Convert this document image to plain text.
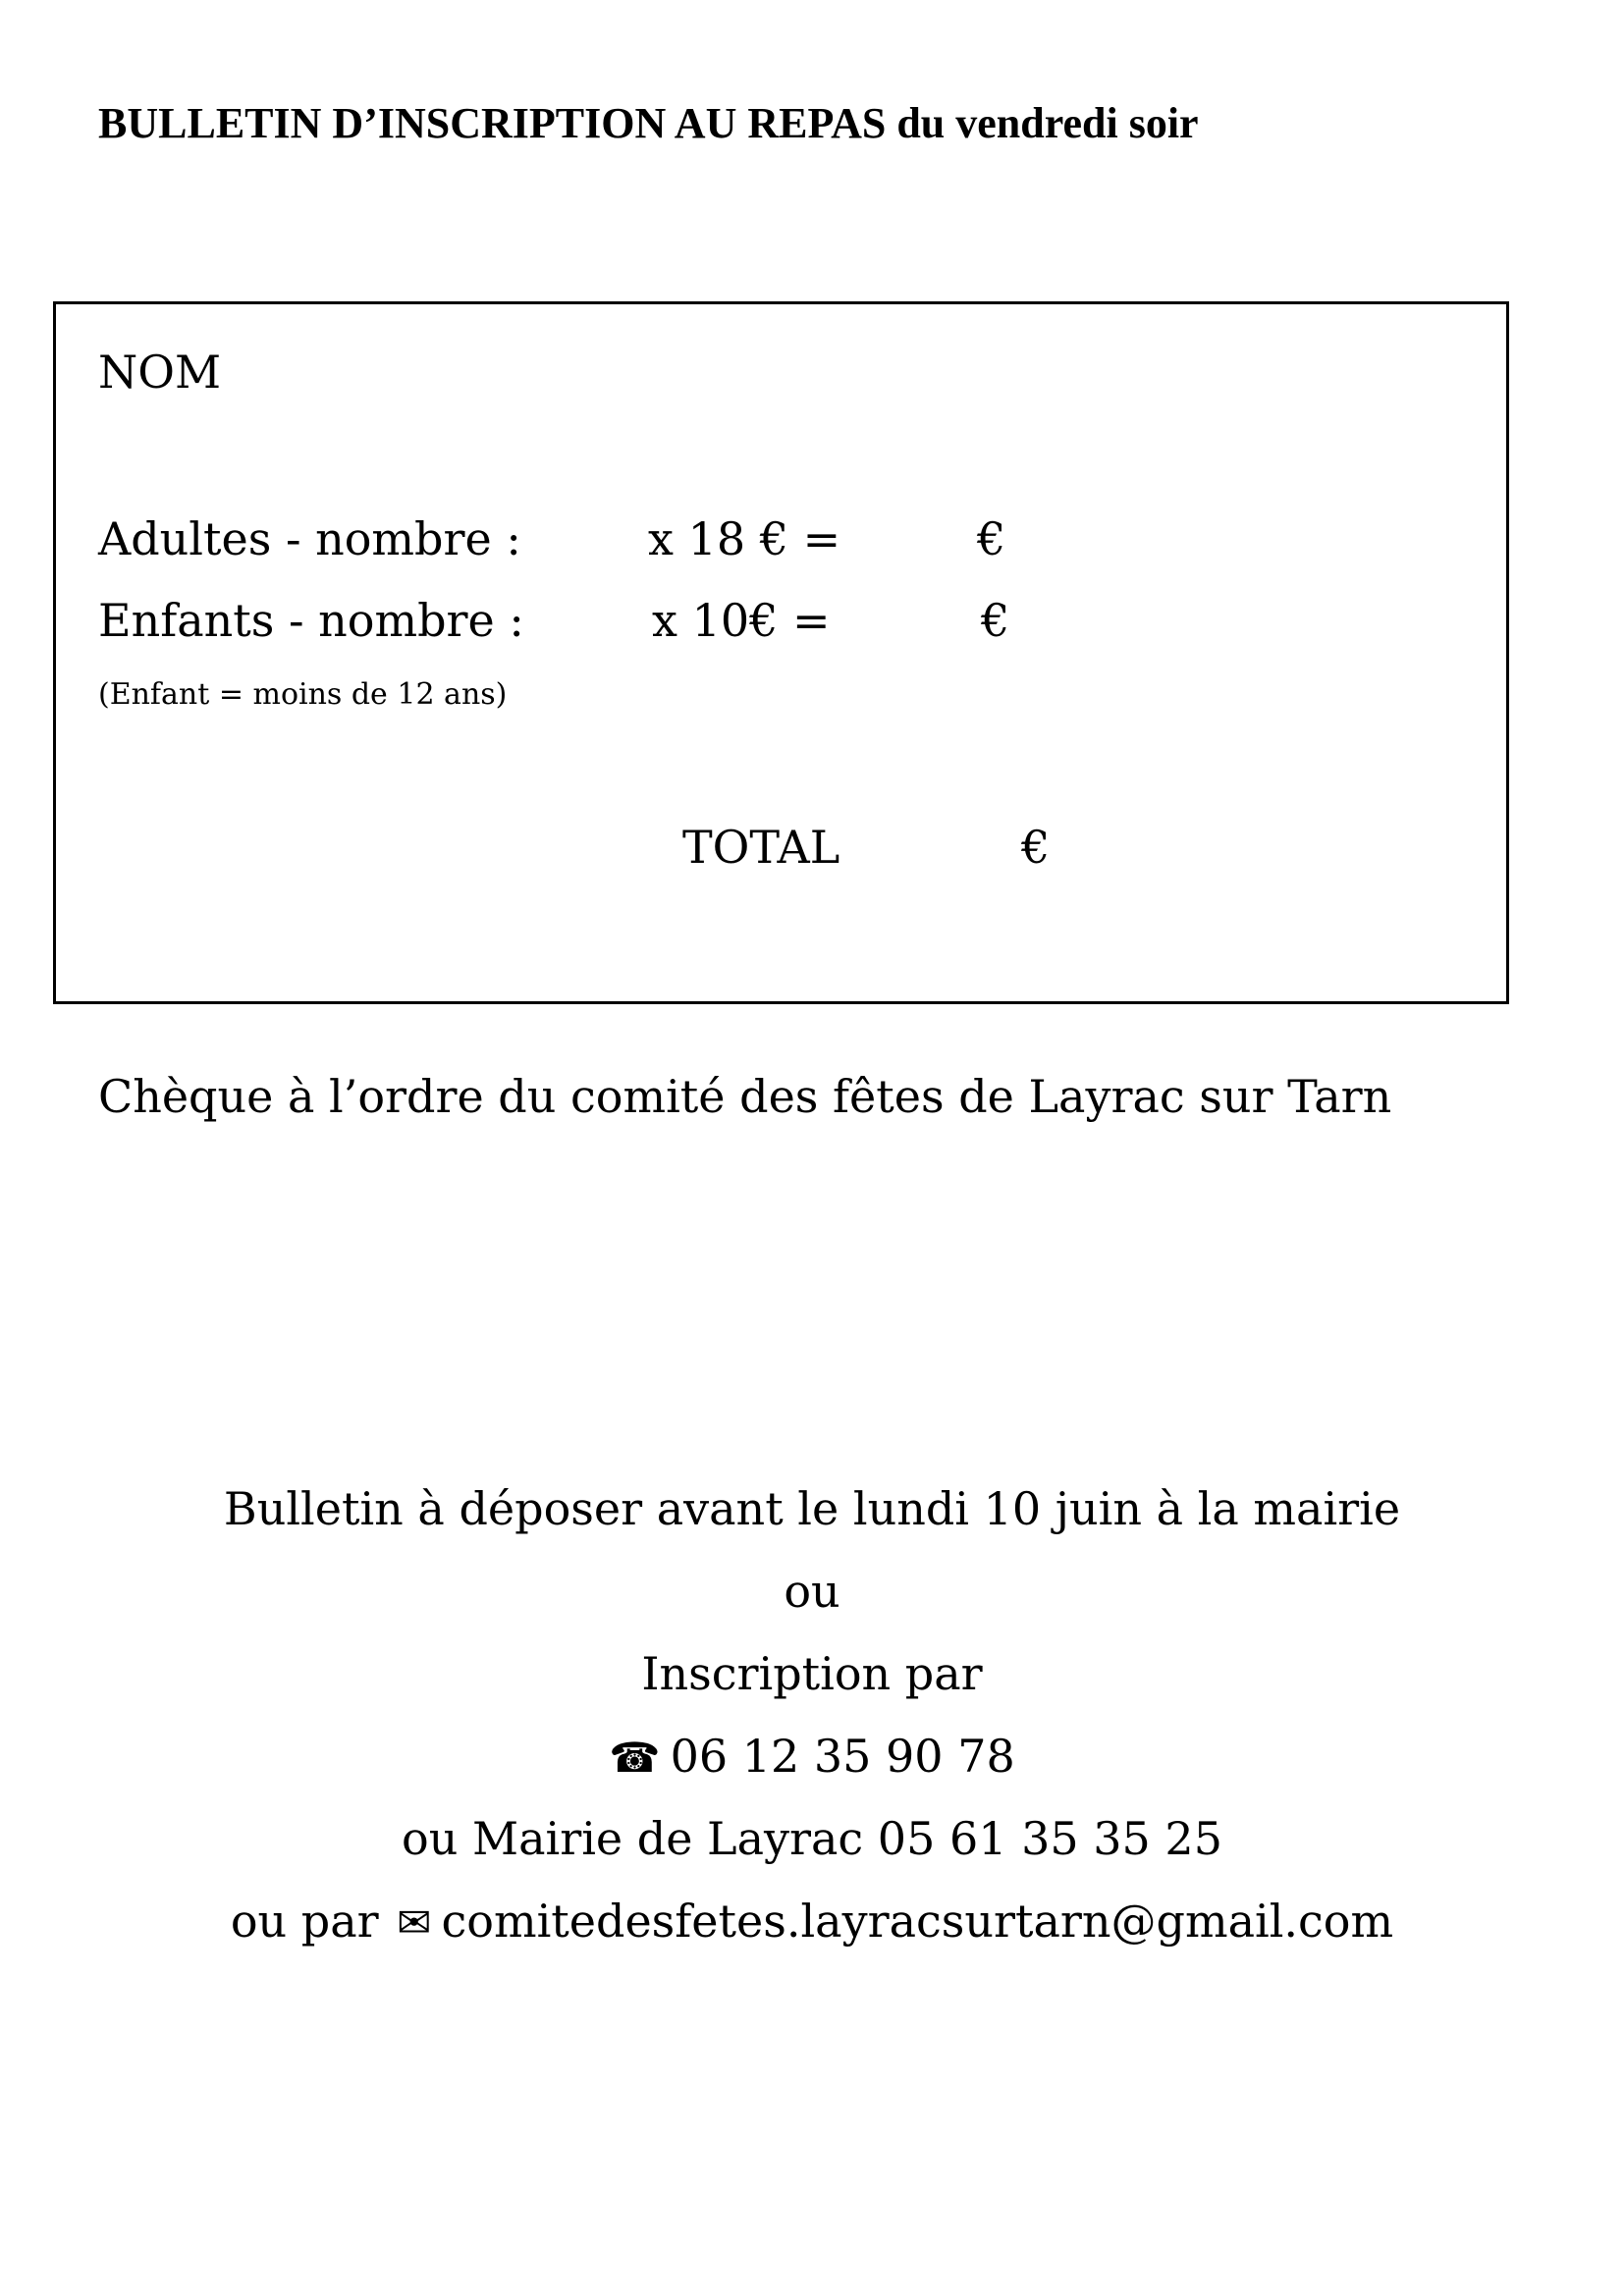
BULLETIN D’INSCRIPTION AU REPAS du vendredi soir
NOM
Adultes - nombre :	x 18 € =	€
Enfants - nombre :	x 10€ =	€
(Enfant = moins de 12 ans)
TOTAL	€
Chèque à l’ordre du comité des fêtes de Layrac sur Tarn
Bulletin à déposer avant le lundi 10 juin à la mairie
ou
Inscription par
☎ 06 12 35 90 78
ou Mairie de Layrac 05 61 35 35 25
ou par ✉ comitedesfetes.layracsurtarn@gmail.com
